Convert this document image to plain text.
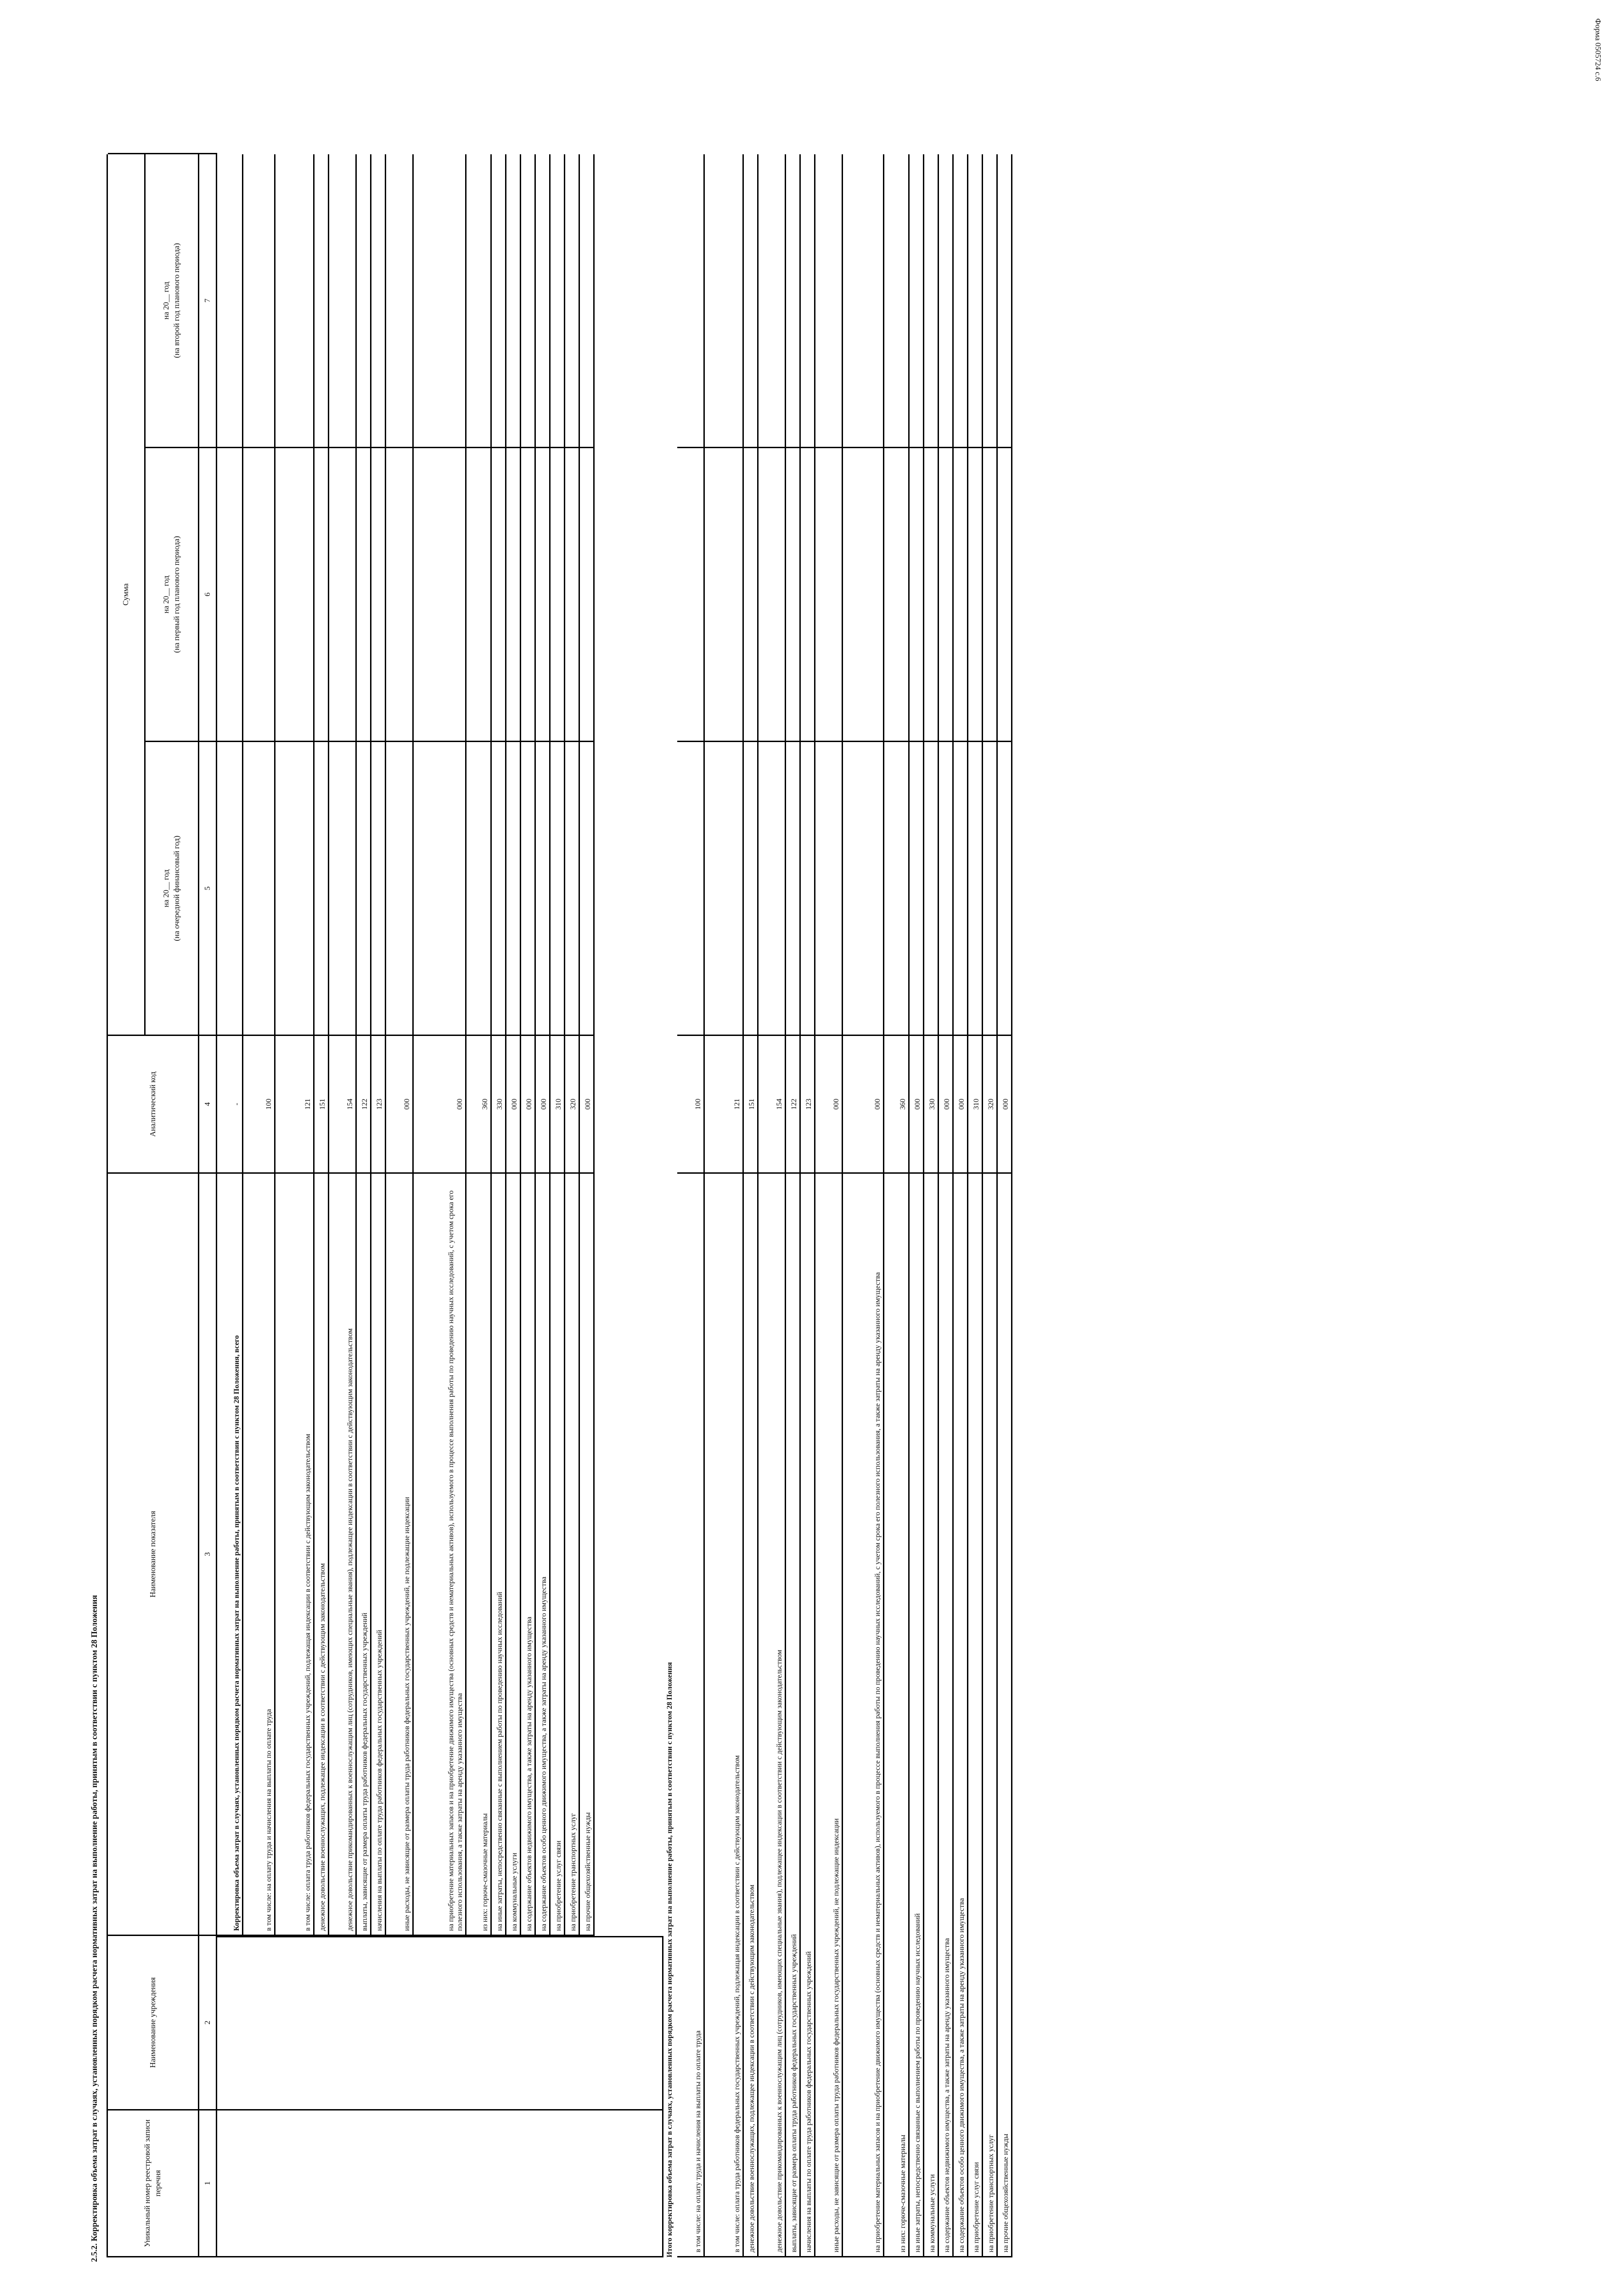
Форма 0505724 с.6
2.5.2. Корректировка объема затрат в случаях, установленных порядком расчета нормативных затрат на выполнение работы, принятым в соответствии с пунктом 28 Положения	Уникальный номер реестровой записи перечня
Наименование учреждения
Наименование показателя
Аналитический код
Сумма
на 20__ год (на очередной финансовый год)
на 20__ год (на первый год планового периода)
на 20__ год (на второй год планового периода)
1
2
3
4
5
6
7
Корректировка объема затрат в случаях, установленных порядком расчета нормативных затрат на выполнение работы, принятым в соответствии с пунктом 28 Положения, всего
-
в том числе: на оплату труда и начисления на выплаты по оплате труда
100
в том числе: оплата труда работников федеральных государственных учреждений, подлежащая индексации в соответствии с действующим законодательством
121
денежное довольствие военнослужащих, подлежащее индексации в соответствии с действующим законодательством
151
денежное довольствие прикомандированных к военнослужащим лиц (сотрудников, имеющих специальные звания), подлежащее индексации в соответствии с действующим законодательством
154
выплаты, зависящие от размера оплаты труда работников федеральных государственных учреждений
122
начисления на выплаты по оплате труда работников федеральных государственных учреждений
123
иные расходы, не зависящие от размера оплаты труда работников федеральных государственных учреждений, не подлежащие индексации
000
на приобретение материальных запасов и на приобретение движимого имущества (основных средств и нематериальных активов), используемого в процессе выполнения работы по проведению научных исследований, с учетом срока его полезного использования, а также затраты на аренду указанного имущества
000
из них: горюче-смазочные материалы
360
на иные затраты, непосредственно связанные с выполнением работы по проведению научных исследований
330
на коммунальные услуги
000
на содержание объектов недвижимого имущества, а также затраты на аренду указанного имущества
000
на содержание объектов особо ценного движимого имущества, а также затраты на аренду указанного имущества
000
на приобретение услуг связи
310
на приобретение транспортных услуг
320
на прочие общехозяйственные нужды
000
Итого корректировка объема затрат в случаях, установленных порядком расчета нормативных затрат на выполнение работы, принятым в соответствии с пунктом 28 Положения	в том числе: на оплату труда и начисления на выплаты по оплате труда
100
в том числе: оплата труда работников федеральных государственных учреждений, подлежащая индексации в соответствии с действующим законодательством
121
денежное довольствие военнослужащих, подлежащее индексации в соответствии с действующим законодательством
151
денежное довольствие прикомандированных к военнослужащим лиц (сотрудников, имеющих специальные звания), подлежащее индексации в соответствии с действующим законодательством
154
выплаты, зависящие от размера оплаты труда работников федеральных государственных учреждений
122
начисления на выплаты по оплате труда работников федеральных государственных учреждений
123
иные расходы, не зависящие от размера оплаты труда работников федеральных государственных учреждений, не подлежащие индексации
000
на приобретение материальных запасов и на приобретение движимого имущества (основных средств и нематериальных активов), используемого в процессе выполнения работы по проведению научных исследований, с учетом срока его полезного использования, а также затраты на аренду указанного имущества
000
из них: горюче-смазочные материалы
360
на иные затраты, непосредственно связанные с выполнением работы по проведению научных исследований
000
на коммунальные услуги
330
на содержание объектов недвижимого имущества, а также затраты на аренду указанного имущества
000
на содержание объектов особо ценного движимого имущества, а также затраты на аренду указанного имущества
000
на приобретение услуг связи
310
на приобретение транспортных услуг
320
на прочие общехозяйственные нужды
000
